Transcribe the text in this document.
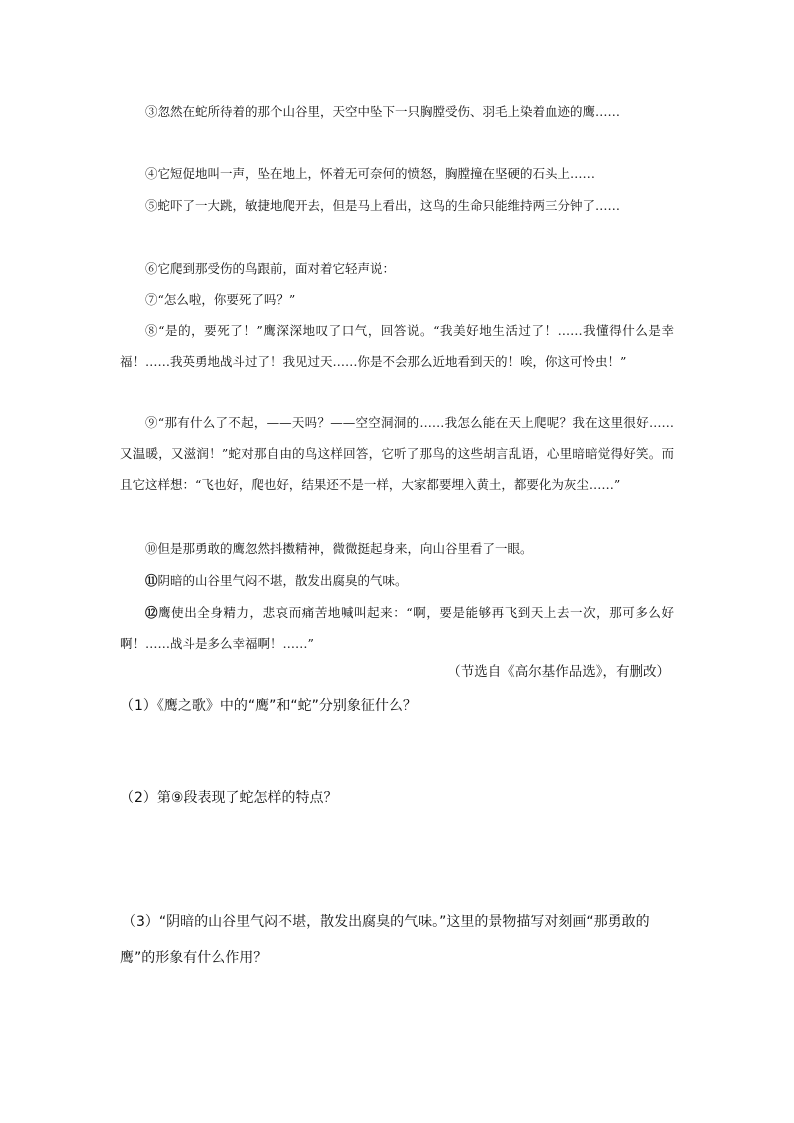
③忽然在蛇所待着的那个山谷里，天空中坠下一只胸膛受伤、羽毛上染着血迹的鹰……

④它短促地叫一声，坠在地上，怀着无可奈何的愤怒，胸膛撞在坚硬的石头上……

⑤蛇吓了一大跳，敏捷地爬开去，但是马上看出，这鸟的生命只能维持两三分钟了……

⑥它爬到那受伤的鸟跟前，面对着它轻声说：

⑦“怎么啦，你要死了吗？”

⑧“是的，要死了！”鹰深深地叹了口气，回答说。“我美好地生活过了！……我懂得什么是幸福！……我英勇地战斗过了！我见过天……你是不会那么近地看到天的！唉，你这可怜虫！”

⑨“那有什么了不起，——天吗？——空空洞洞的……我怎么能在天上爬呢？我在这里很好……又温暖，又滋润！”蛇对那自由的鸟这样回答，它听了那鸟的这些胡言乱语，心里暗暗觉得好笑。而且它这样想：“飞也好，爬也好，结果还不是一样，大家都要埋入黄土，都要化为灰尘……”

⑩但是那勇敢的鹰忽然抖擞精神，微微挺起身来，向山谷里看了一眼。

⑪阴暗的山谷里气闷不堪，散发出腐臭的气味。

⑫鹰使出全身精力，悲哀而痛苦地喊叫起来：“啊，要是能够再飞到天上去一次，那可多么好啊！……战斗是多么幸福啊！……”

（节选自《高尔基作品选》，有删改）

（1）《鹰之歌》中的“鹰”和“蛇”分别象征什么？

（2）第⑨段表现了蛇怎样的特点？

（3）“阴暗的山谷里气闷不堪，散发出腐臭的气味。”这里的景物描写对刻画“那勇敢的鹰”的形象有什么作用？
